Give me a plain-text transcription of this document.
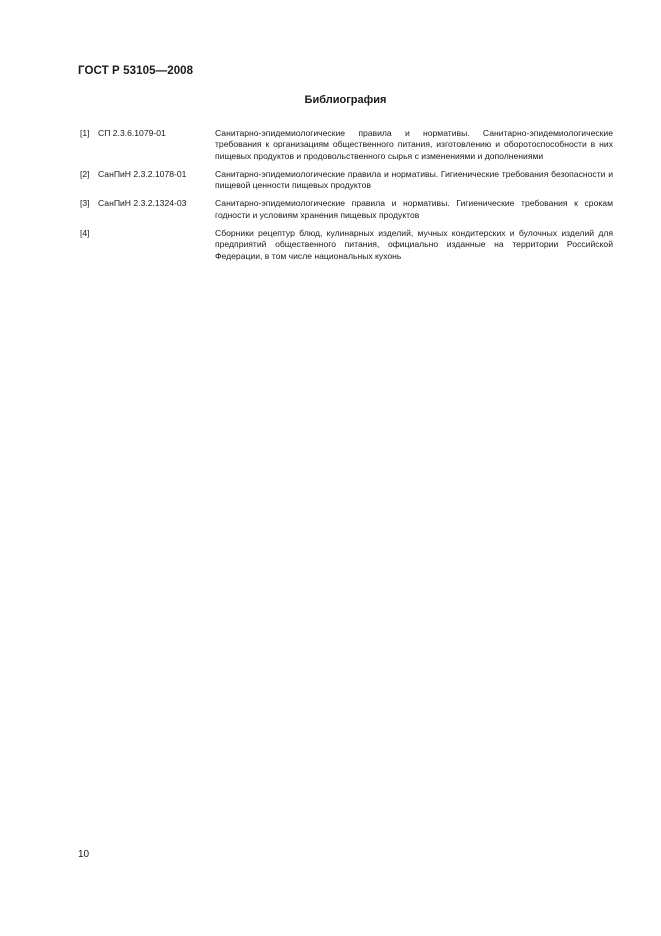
ГОСТ Р 53105—2008
Библиография
[1] СП 2.3.6.1079-01	Санитарно-эпидемиологические правила и нормативы. Санитарно-эпидемиологические требования к организациям общественного питания, изготовлению и оборотоспособности в них пищевых продуктов и продовольственного сырья с изменениями и дополнениями
[2] СанПиН 2.3.2.1078-01	Санитарно-эпидемиологические правила и нормативы. Гигиенические требования безопасности и пищевой ценности пищевых продуктов
[3] СанПиН 2.3.2.1324-03	Санитарно-эпидемиологические правила и нормативы. Гигиенические требования к срокам годности и условиям хранения пищевых продуктов
[4]	Сборники рецептур блюд, кулинарных изделий, мучных кондитерских и булочных изделий для предприятий общественного питания, официально изданные на территории Российской Федерации, в том числе национальных кухонь
10
